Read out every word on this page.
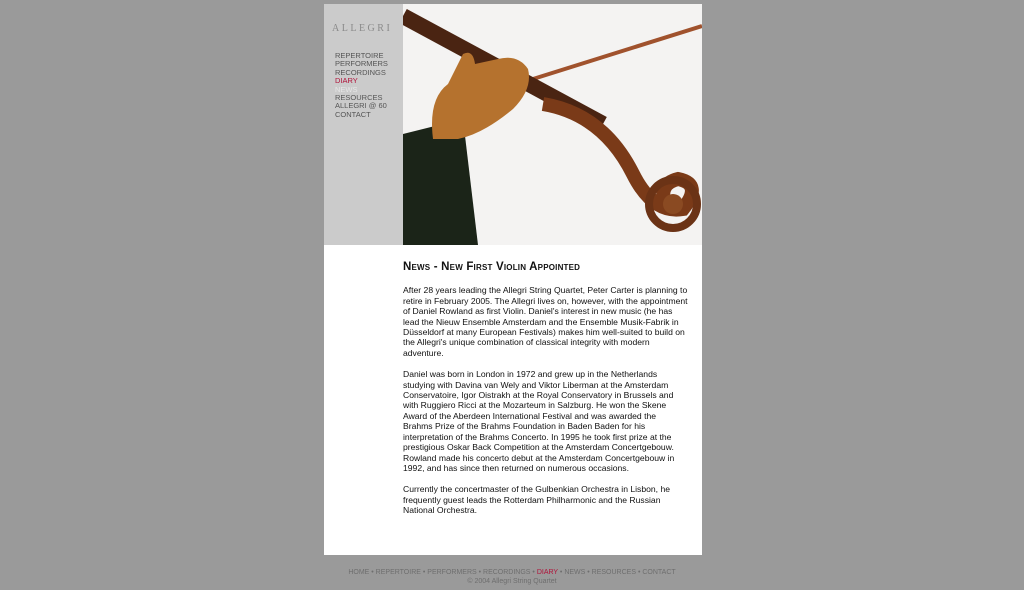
ALLEGRI
REPERTOIRE
PERFORMERS
RECORDINGS
DIARY
NEWS
RESOURCES
ALLEGRI @ 60
CONTACT
News - New First Violin Appointed

After 28 years leading the Allegri String Quartet, Peter Carter is planning to retire in February 2005. The Allegri lives on, however, with the appointment of Daniel Rowland as first Violin. Daniel's interest in new music (he has lead the Nieuw Ensemble Amsterdam and the Ensemble Musik-Fabrik in Düsseldorf at many European Festivals) makes him well-suited to build on the Allegri's unique combination of classical integrity with modern adventure.

Daniel was born in London in 1972 and grew up in the Netherlands studying with Davina van Wely and Viktor Liberman at the Amsterdam Conservatoire, Igor Oistrakh at the Royal Conservatory in Brussels and with Ruggiero Ricci at the Mozarteum in Salzburg. He won the Skene Award of the Aberdeen International Festival and was awarded the Brahms Prize of the Brahms Foundation in Baden Baden for his interpretation of the Brahms Concerto. In 1995 he took first prize at the prestigious Oskar Back Competition at the Amsterdam Concertgebouw. Rowland made his concerto debut at the Amsterdam Concertgebouw in 1992, and has since then returned on numerous occasions.

Currently the concertmaster of the Gulbenkian Orchestra in Lisbon, he frequently guest leads the Rotterdam Philharmonic and the Russian National Orchestra.

HOME • REPERTOIRE • PERFORMERS • RECORDINGS • DIARY • NEWS • RESOURCES • CONTACT
© 2004 Allegri String Quartet
